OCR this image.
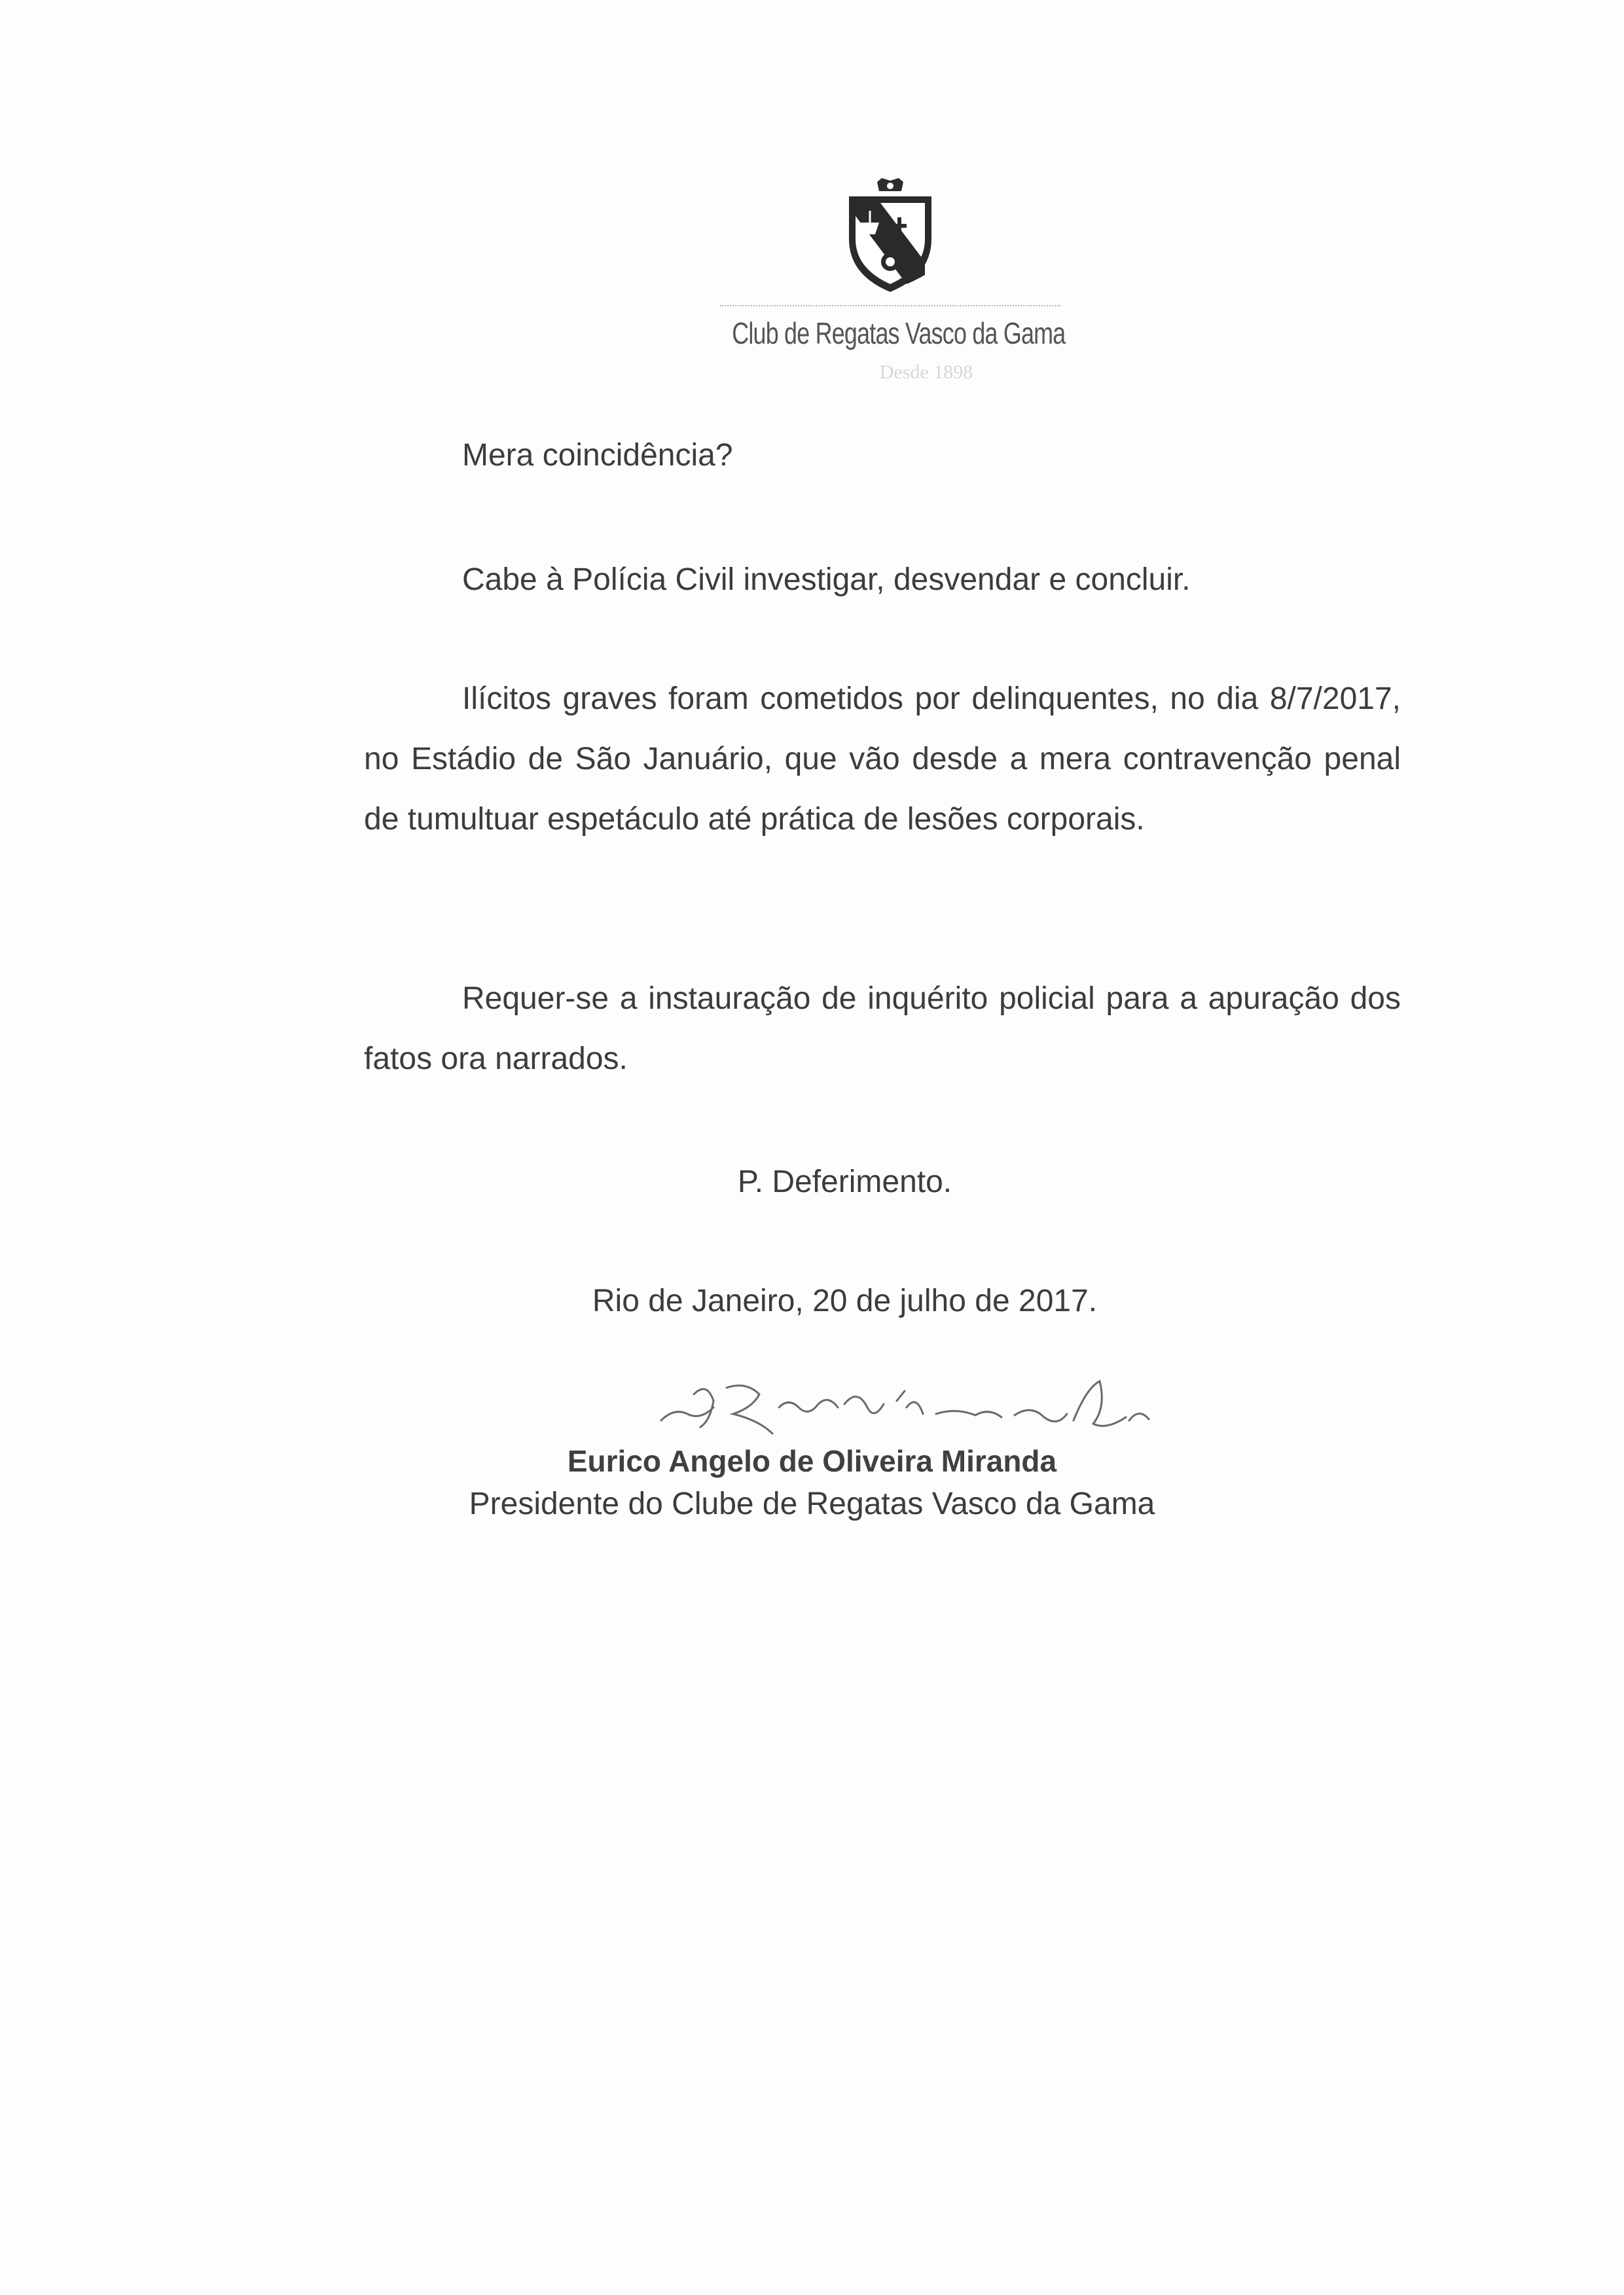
Club de Regatas Vasco da Gama
Desde 1898
Mera coincidência?
Cabe à Polícia Civil investigar, desvendar e concluir.
Ilícitos graves foram cometidos por delinquentes, no dia 8/7/2017, no Estádio de São Januário, que vão desde a mera contravenção penal de tumultuar espetáculo até prática de lesões corporais.
Requer-se a instauração de inquérito policial para a apuração dos fatos ora narrados.
P. Deferimento.
Rio de Janeiro, 20 de julho de 2017.
Eurico Angelo de Oliveira Miranda
Presidente do Clube de Regatas Vasco da Gama
